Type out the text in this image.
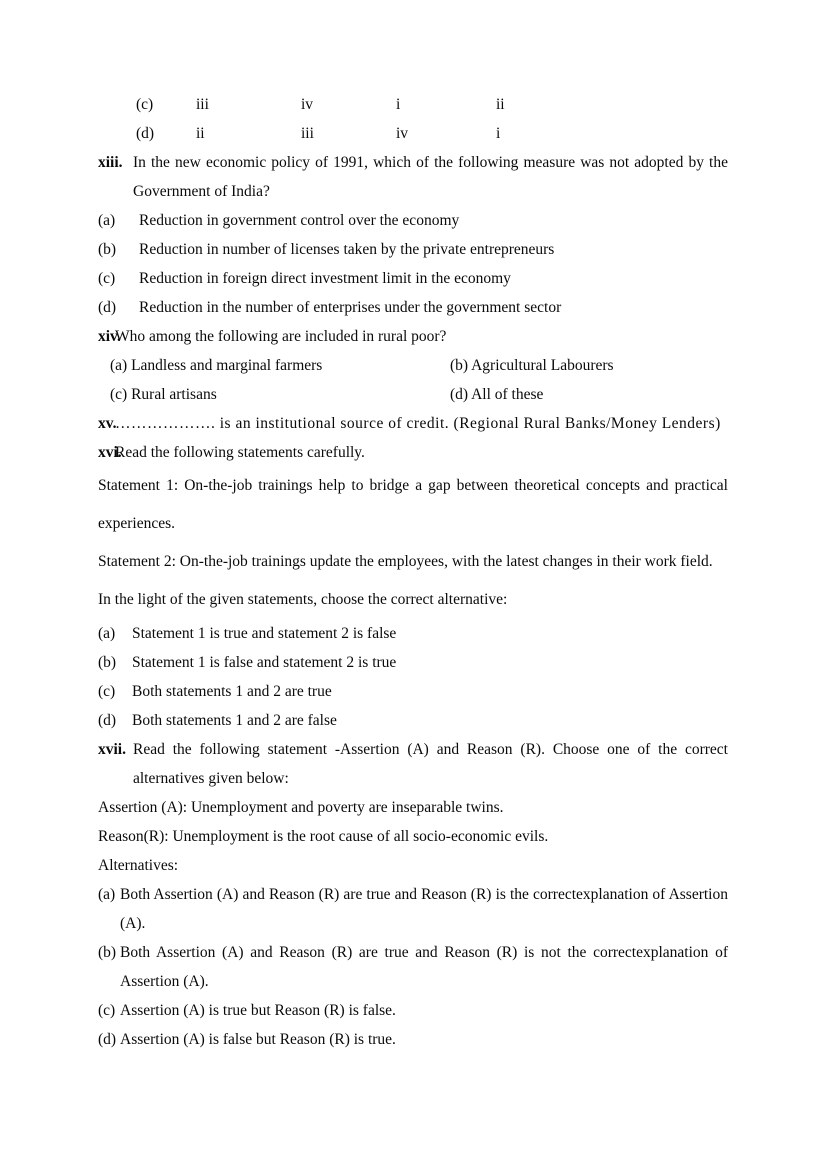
(c)	iii	iv	i	ii
(d)	ii	iii	iv	i
xiii. In the new economic policy of 1991, which of the following measure was not adopted by the Government of India?
(a) Reduction in government control over the economy
(b) Reduction in number of licenses taken by the private entrepreneurs
(c) Reduction in foreign direct investment limit in the economy
(d) Reduction in the number of enterprises under the government sector
xiv.
Who among the following are included in rural poor?
(a) Landless and marginal farmers	(b) Agricultural Labourers
(c) Rural artisans	(d) All of these
xv.
………………. is an institutional source of credit. (Regional Rural Banks/Money Lenders)
xvi.
Read the following statements carefully.

Statement 1: On-the-job trainings help to bridge a gap between theoretical concepts and practical experiences.

Statement 2: On-the-job trainings update the employees, with the latest changes in their work field.

In the light of the given statements, choose the correct alternative:

(a) Statement 1 is true and statement 2 is false
(b) Statement 1 is false and statement 2 is true
(c) Both statements 1 and 2 are true
(d) Both statements 1 and 2 are false
xvii. Read the following statement -Assertion (A) and Reason (R). Choose one of the correct alternatives given below:

Assertion (A): Unemployment and poverty are inseparable twins.

Reason(R): Unemployment is the root cause of all socio-economic evils.

Alternatives:

(a) Both Assertion (A) and Reason (R) are true and Reason (R) is the correctexplanation of Assertion (A).
(b) Both Assertion (A) and Reason (R) are true and Reason (R) is not the correctexplanation of Assertion (A).
(c) Assertion (A) is true but Reason (R) is false.
(d) Assertion (A) is false but Reason (R) is true.
